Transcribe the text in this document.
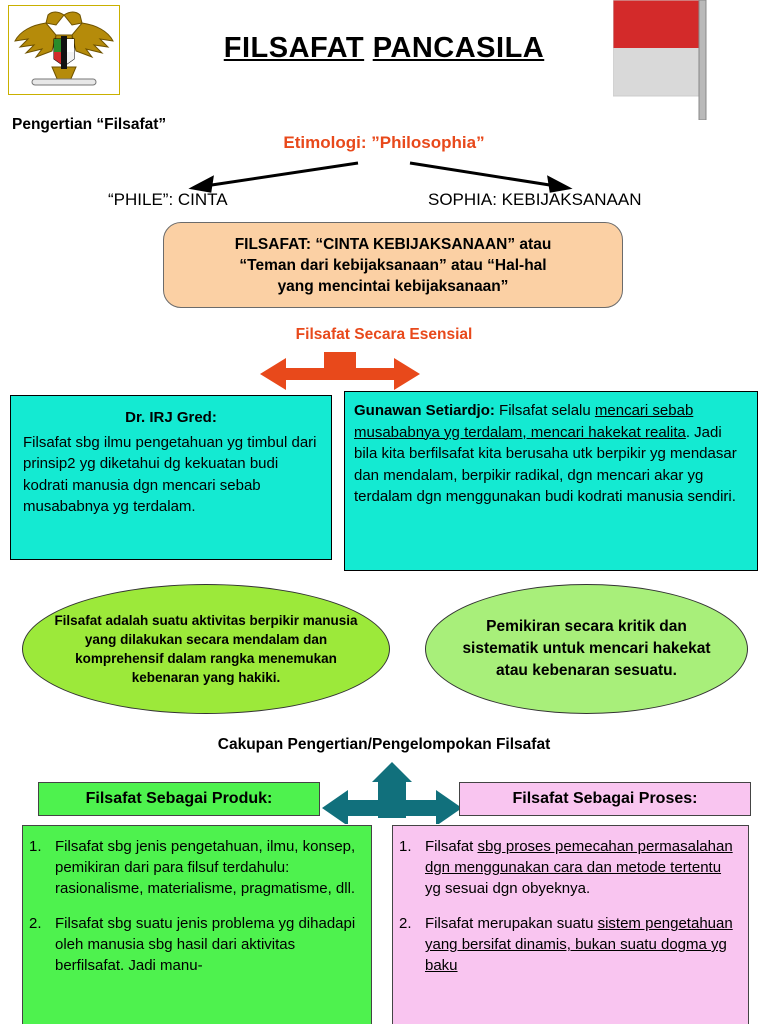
FILSAFAT PANCASILA
Pengertian “Filsafat”
Etimologi: ”Philosophia”
“PHILE”: CINTA	SOPHIA: KEBIJAKSANAAN
FILSAFAT: “CINTA KEBIJAKSANAAN” atau
“Teman dari kebijaksanaan” atau “Hal-hal
yang mencintai kebijaksanaan”
Filsafat Secara Esensial
Dr. IRJ Gred:
Filsafat sbg ilmu pengetahuan yg timbul dari prinsip2 yg diketahui dg kekuatan budi kodrati manusia dgn mencari sebab musababnya yg terdalam.
Gunawan Setiardjo: Filsafat selalu mencari sebab musababnya yg terdalam, mencari hakekat realita. Jadi bila kita berfilsafat kita berusaha utk berpikir yg mendasar dan mendalam, berpikir radikal, dgn mencari akar yg terdalam dgn menggunakan budi kodrati manusia sendiri.
Filsafat adalah suatu aktivitas berpikir manusia yang dilakukan secara mendalam dan komprehensif dalam rangka menemukan kebenaran yang hakiki.
Pemikiran secara kritik dan sistematik untuk mencari hakekat atau kebenaran sesuatu.
Cakupan Pengertian/Pengelompokan Filsafat
Filsafat Sebagai Produk:	Filsafat Sebagai Proses:
1. Filsafat sbg jenis pengetahuan, ilmu, konsep, pemikiran dari para filsuf terdahulu: rasionalisme, materialisme, pragmatisme, dll.
2. Filsafat sbg suatu jenis problema yg dihadapi oleh manusia sbg hasil dari aktivitas berfilsafat. Jadi manu-
1. Filsafat sbg proses pemecahan permasalahan dgn menggunakan cara dan metode tertentu yg sesuai dgn obyeknya.
2. Filsafat merupakan suatu sistem pengetahuan yang bersifat dinamis, bukan suatu dogma yg baku
